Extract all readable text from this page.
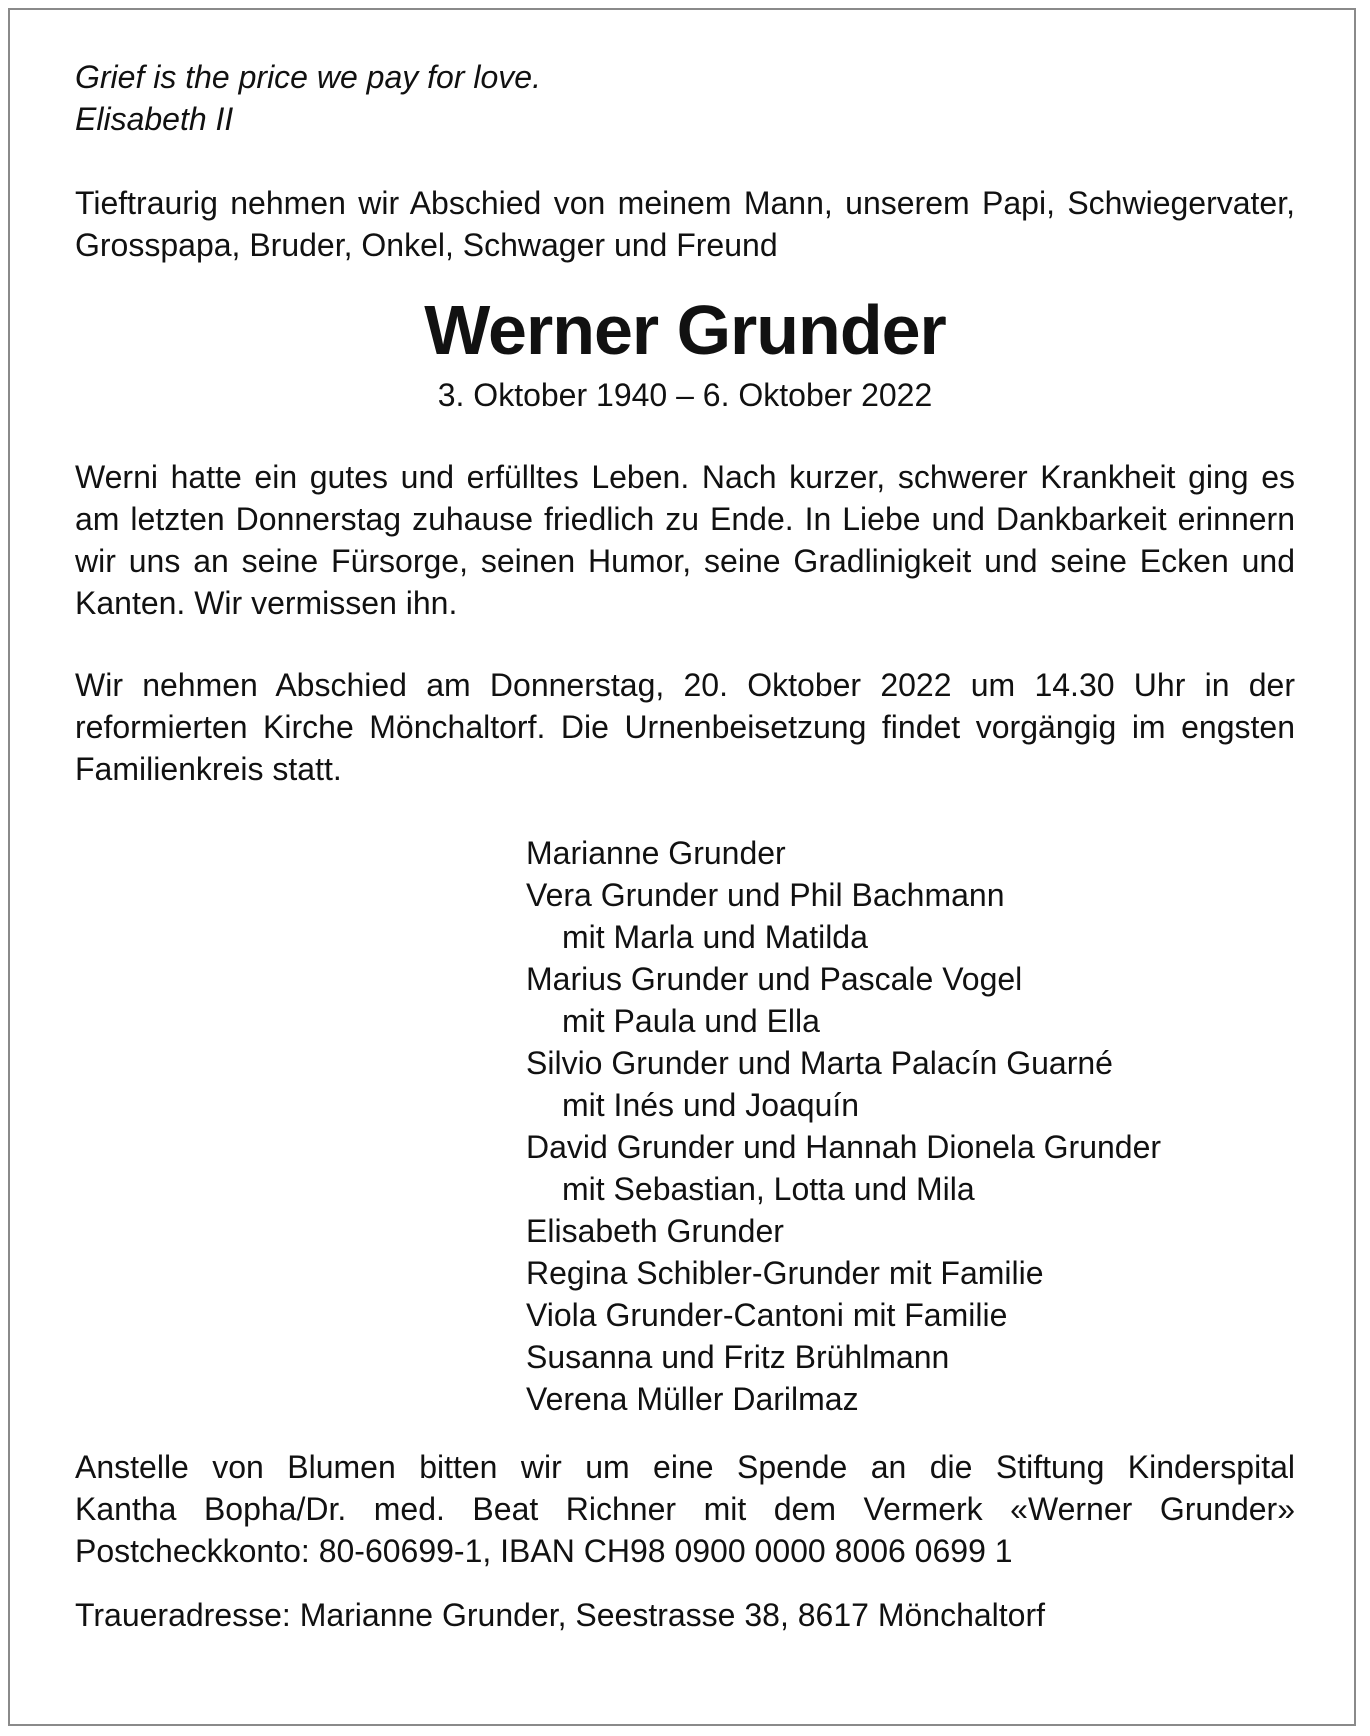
Grief is the price we pay for love.
Elisabeth II
Tieftraurig nehmen wir Abschied von meinem Mann, unserem Papi, Schwiegervater, Grosspapa, Bruder, Onkel, Schwager und Freund
Werner Grunder
3. Oktober 1940 – 6. Oktober 2022
Werni hatte ein gutes und erfülltes Leben. Nach kurzer, schwerer Krankheit ging es am letzten Donnerstag zuhause friedlich zu Ende. In Liebe und Dankbarkeit erinnern wir uns an seine Fürsorge, seinen Humor, seine Gradlinigkeit und seine Ecken und Kanten. Wir vermissen ihn.
Wir nehmen Abschied am Donnerstag, 20. Oktober 2022 um 14.30 Uhr in der reformierten Kirche Mönchaltorf. Die Urnenbeisetzung findet vorgängig im engsten Familienkreis statt.
Marianne Grunder
Vera Grunder und Phil Bachmann
mit Marla und Matilda
Marius Grunder und Pascale Vogel
mit Paula und Ella
Silvio Grunder und Marta Palacín Guarné
mit Inés und Joaquín
David Grunder und Hannah Dionela Grunder
mit Sebastian, Lotta und Mila
Elisabeth Grunder
Regina Schibler-Grunder mit Familie
Viola Grunder-Cantoni mit Familie
Susanna und Fritz Brühlmann
Verena Müller Darilmaz
Anstelle von Blumen bitten wir um eine Spende an die Stiftung Kinderspital
Kantha Bopha/Dr. med. Beat Richner mit dem Vermerk «Werner Grunder»
Postcheckkonto: 80-60699-1, IBAN CH98 0900 0000 8006 0699 1
Traueradresse: Marianne Grunder, Seestrasse 38, 8617 Mönchaltorf
